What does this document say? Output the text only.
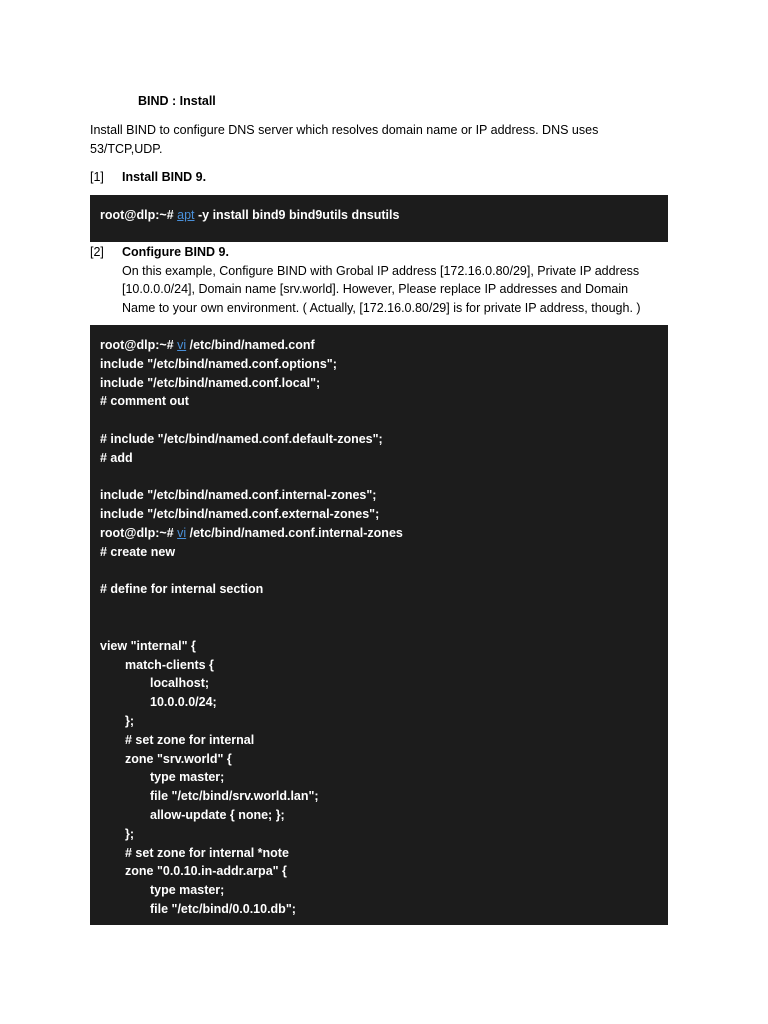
BIND : Install
Install BIND to configure DNS server which resolves domain name or IP address. DNS uses 53/TCP,UDP.
[1]	Install BIND 9.
root@dlp:~# apt -y install bind9 bind9utils dnsutils
[2]	Configure BIND 9.
On this example, Configure BIND with Grobal IP address [172.16.0.80/29], Private IP address [10.0.0.0/24], Domain name [srv.world]. However, Please replace IP addresses and Domain Name to your own environment. ( Actually, [172.16.0.80/29] is for private IP address, though. )
root@dlp:~# vi /etc/bind/named.conf
include "/etc/bind/named.conf.options";
include "/etc/bind/named.conf.local";
# comment out
# include "/etc/bind/named.conf.default-zones";
# add
include "/etc/bind/named.conf.internal-zones";
include "/etc/bind/named.conf.external-zones";
root@dlp:~# vi /etc/bind/named.conf.internal-zones
# create new
# define for internal section
view "internal" {
match-clients {
localhost;
10.0.0.0/24;
};
# set zone for internal
zone "srv.world" {
type master;
file "/etc/bind/srv.world.lan";
allow-update { none; };
};
# set zone for internal *note
zone "0.0.10.in-addr.arpa" {
type master;
file "/etc/bind/0.0.10.db";
